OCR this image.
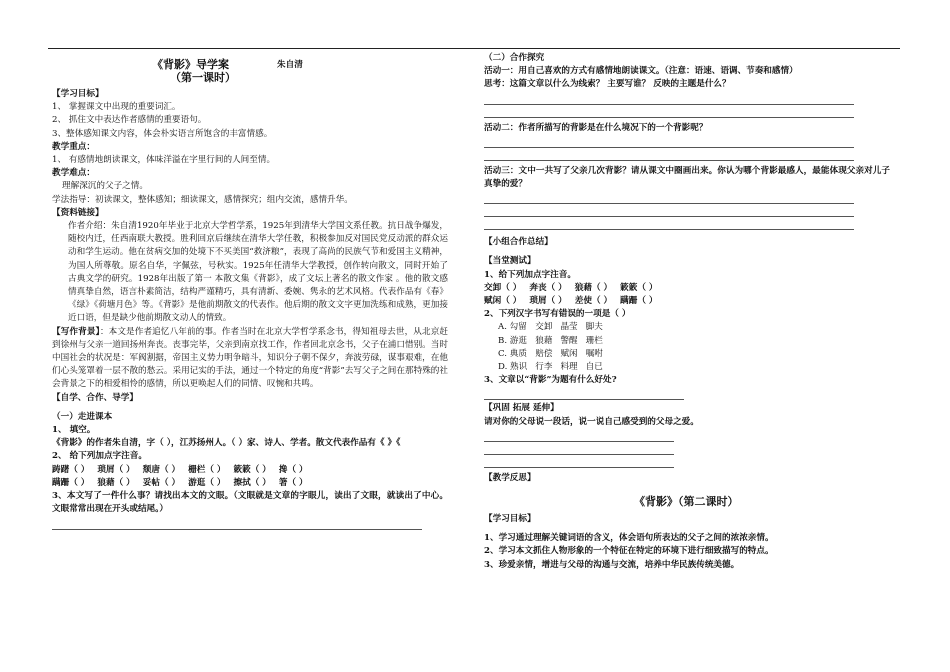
《背影》导学案	朱自清
（第一课时）
【学习目标】
1、 掌握课文中出现的重要词汇。
2、 抓住文中表达作者感情的重要语句。
3、整体感知课文内容，体会朴实语言所饱含的丰富情感。
教学重点：
1、 有感情地朗读课文，体味洋溢在字里行间的人间至情。
教学难点：
理解深沉的父子之情。
学法指导：初读课文，整体感知；细读课文，感情探究；组内交流，感情升华。
【资料链接】
作者介绍：朱自清1920年毕业于北京大学哲学系，1925年到清华大学国文系任教。抗日战争爆发，随校内迁，任西南联大教授。胜利回京后继续在清华大学任教，积极参加反对国民党反动派的群众运动和学生运动。他在贫病交加的处境下不买美国“救济粮”，表现了高尚的民族气节和爱国主义精神，为国人所尊敬。原名自华，字佩弦，号秋实。1925年任清华大学教授，创作转向散文，同时开始了古典文学的研究。1928年出版了第一 本散文集《背影》，成了文坛上著名的散文作家 。他的散文感情真挚自然，语言朴素简洁，结构严谨精巧，具有清新、委婉、隽永的艺术风格。代表作品有《春》《绿》《荷塘月色》等。《背影》是他前期散文的代表作。他后期的散文文字更加洗练和成熟，更加接近口语，但是缺少他前期散文动人的情致。
【写作背景】：本文是作者追忆八年前的事。作者当时在北京大学哲学系念书，得知祖母去世，从北京赶到徐州与父亲一道回扬州奔丧。丧事完毕，父亲到南京找工作，作者回北京念书，父子在浦口惜别。当时中国社会的状况是：军阀割据，帝国主义势力明争暗斗，知识分子朝不保夕，奔波劳碌，谋事艰难，在他们心头笼罩着一层不散的愁云。采用记实的手法，通过一个特定的角度“背影”去写父子之间在那特殊的社会背景之下的相爱相怜的感情，所以更唤起人们的同情、叹惋和共鸣。
【自学、合作、导学】
（一）走进课本
1、 填空。
《背影》的作者朱自清，字（ ），江苏扬州人。（ ）家、诗人、学者。散文代表作品有《 》《
2、 给下列加点字注音。
踌躇（ ）	琐屑（ ）	颓唐（ ）	栅栏（ ）	簌簌（ ）	搀（ ）
蹒跚（ ）	狼藉（ ）	妥帖（ ）	游逛（ ）	擦拭（ ）	箸（ ）
3、本文写了一件什么事？请找出本文的文眼。（文眼就是文章的字眼儿，读出了文眼，就读出了中心。文眼常常出现在开头或结尾。）
（二）合作探究
活动一：用自己喜欢的方式有感情地朗读课文。（注意：语速、语调、节奏和感情）
思考：这篇文章以什么为线索？ 主要写谁？ 反映的主题是什么？
活动二：作者所描写的背影是在什么境况下的一个背影呢？
活动三：文中一共写了父亲几次背影？请从课文中圈画出来。你认为哪个背影最感人，最能体现父亲对儿子真挚的爱？
【小组合作总结】
【当堂测试】
1、给下列加点字注音。
交卸（ ）	奔丧（ ）	狼藉（ ）	簌簌（ ）
赋闲（ ）	琐屑（ ）	差使（ ）	蹒跚（ ）
2、下列汉字书写有错误的一项是（ ）
A. 勾留	交卸	晶莹	脚夫
B. 游逛	狼藉	警醒	珊栏
C. 典质	赔偿	赋闲	嘱咐
D. 熟识	行李	料理	自已
3、文章以“背影”为题有什么好处?
【巩固 拓展 延伸】
请对你的父母说一段话，说一说自己感受到的父母之爱。
【教学反思】
《背影》（第二课时）
【学习目标】
1、学习通过理解关键词语的含义，体会语句所表达的父子之间的浓浓亲情。
2、学习本文抓住人物形象的一个特征在特定的环境下进行细致描写的特点。
3、珍爱亲情，增进与父母的沟通与交流，培养中华民族传统美德。
